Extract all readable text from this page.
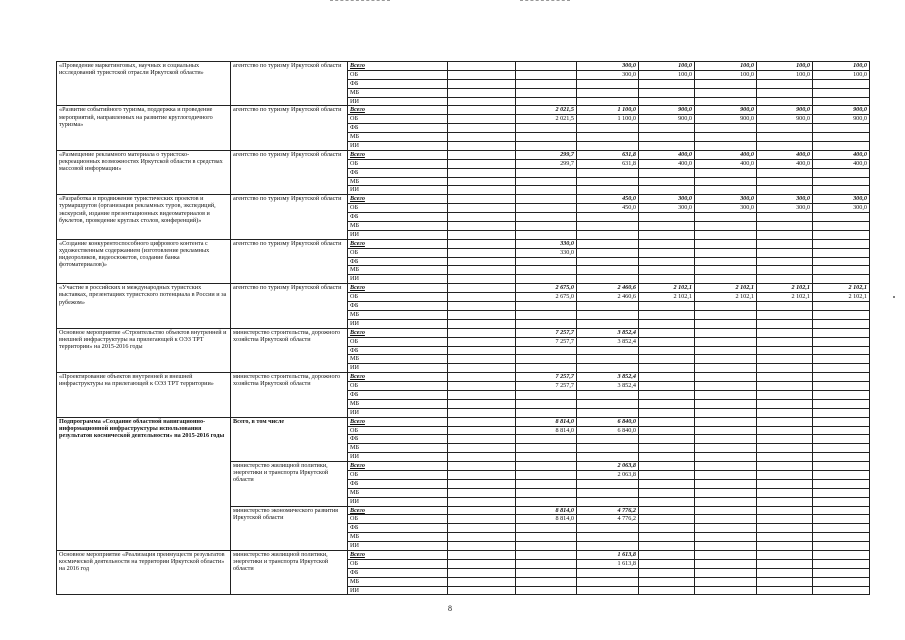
«Проведение маркетинговых, научных и социальных исследований туристской отрасли Иркутской области»	агентство по туризму Иркутской области	Всего			300,0	100,0	100,0	100,0	100,0
		ОБ			300,0	100,0	100,0	100,0	100,0
		ФБ							
		МБ							
		ИИ							
«Развитие событийного туризма, поддержка и проведение мероприятий, направленных на развитие круглогодичного туризма»	агентство по туризму Иркутской области	Всего		2 021,5	1 100,0	900,0	900,0	900,0	900,0
		ОБ		2 021,5	1 100,0	900,0	900,0	900,0	900,0
		ФБ							
		МБ							
		ИИ							
«Размещение рекламного материала о туристско-рекреационных возможностях Иркутской области в средствах массовой информации»	агентство по туризму Иркутской области	Всего		299,7	631,8	400,0	400,0	400,0	400,0
		ОБ		299,7	631,8	400,0	400,0	400,0	400,0
		ФБ							
		МБ							
		ИИ							
«Разработка и продвижение туристических проектов и турмаршрутов (организация рекламных туров, экспедиций, экскурсий, издание презентационных видеоматериалов и буклетов, проведение круглых столов, конференций)»	агентство по туризму Иркутской области	Всего			450,0	300,0	300,0	300,0	300,0
		ОБ			450,0	300,0	300,0	300,0	300,0
		ФБ							
		МБ							
		ИИ							
«Создание конкурентоспособного цифрового контента с художественным содержанием (изготовление рекламных видеороликов, видеосюжетов, создание банка фотоматериалов)»	агентство по туризму Иркутской области	Всего		330,0					
		ОБ		330,0					
		ФБ							
		МБ							
		ИИ							
«Участие в российских и международных туристских выставках, презентациях туристского потенциала в России и за рубежом»	агентство по туризму Иркутской области	Всего		2 675,0	2 460,6	2 102,1	2 102,1	2 102,1	2 102,1
		ОБ		2 675,0	2 460,6	2 102,1	2 102,1	2 102,1	2 102,1
		ФБ							
		МБ							
		ИИ							
Основное мероприятие «Строительство объектов внутренней и внешней инфраструктуры на прилегающей к ОЭЗ ТРТ территории» на 2015-2016 годы	министерство строительства, дорожного хозяйства Иркутской области	Всего		7 257,7	3 852,4				
		ОБ		7 257,7	3 852,4				
		ФБ							
		МБ							
		ИИ							
«Проектирование объектов внутренней и внешней инфраструктуры на прилегающей к ОЭЗ ТРТ территории»	министерство строительства, дорожного хозяйства Иркутской области	Всего		7 257,7	3 852,4				
		ОБ		7 257,7	3 852,4				
		ФБ							
		МБ							
		ИИ							
Подпрограмма «Создание областной навигационно-информационной инфраструктуры использования результатов космической деятельности» на 2015-2016 годы	Всего, в том числе	Всего		8 814,0	6 840,0				
		ОБ		8 814,0	6 840,0				
		ФБ							
		МБ							
		ИИ							
	министерство жилищной политики, энергетики и транспорта Иркутской области	Всего			2 063,8				
		ОБ			2 063,8				
		ФБ							
		МБ							
		ИИ							
	министерство экономического развития Иркутской области	Всего		8 814,0	4 776,2				
		ОБ		8 814,0	4 776,2				
		ФБ							
		МБ							
		ИИ							
Основное мероприятие «Реализация преимуществ результатов космической деятельности на территории Иркутской области» на 2016 год	министерство жилищной политики, энергетики и транспорта Иркутской области	Всего			1 613,8				
		ОБ			1 613,8				
		ФБ							
		МБ							
		ИИ							
8
